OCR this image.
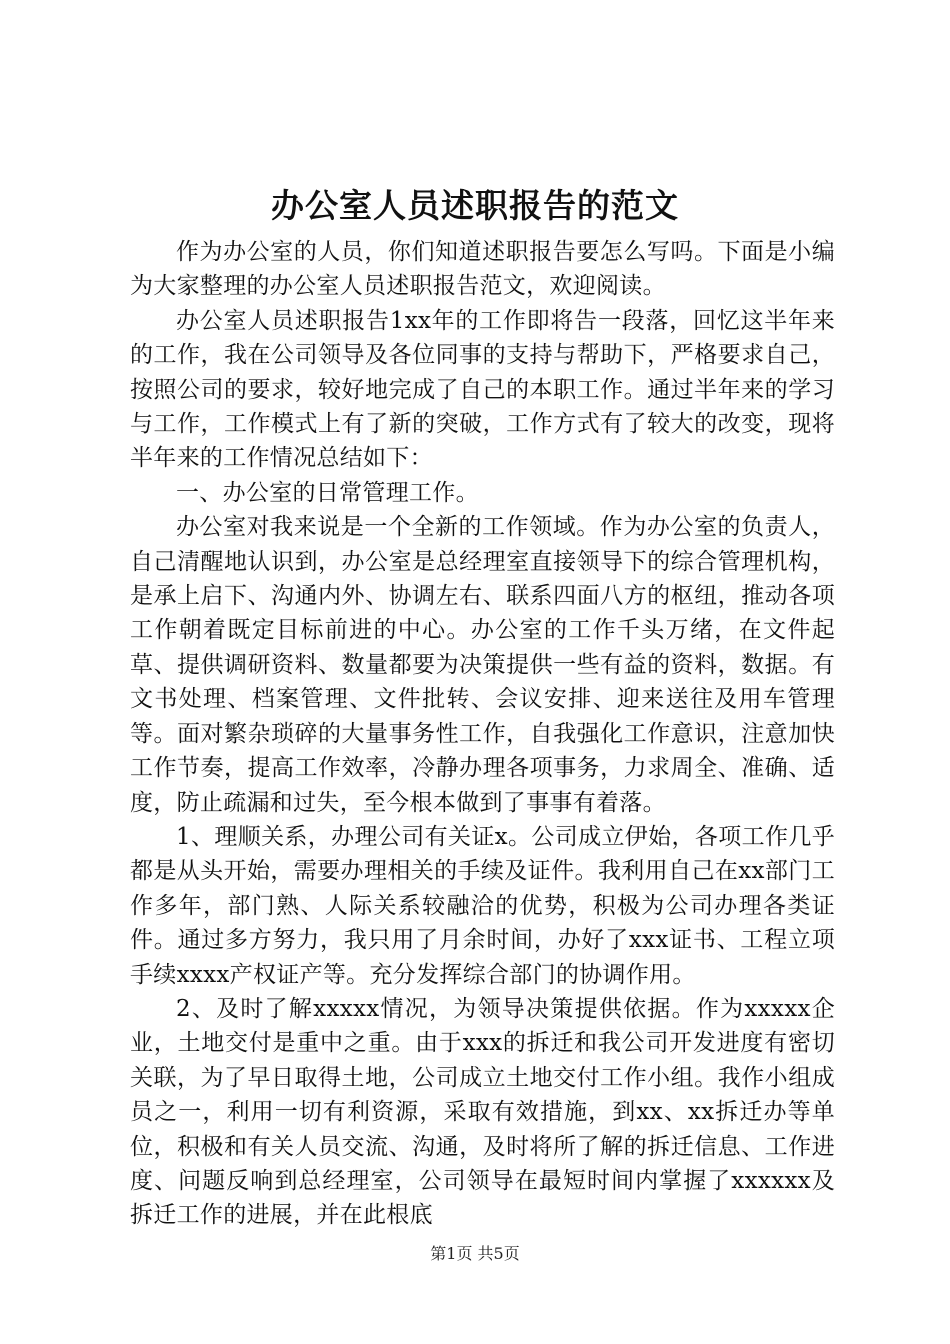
办公室人员述职报告的范文

作为办公室的人员，你们知道述职报告要怎么写吗。下面是小编为大家整理的办公室人员述职报告范文，欢迎阅读。

办公室人员述职报告1xx年的工作即将告一段落，回忆这半年来的工作，我在公司领导及各位同事的支持与帮助下，严格要求自己，按照公司的要求，较好地完成了自己的本职工作。通过半年来的学习与工作，工作模式上有了新的突破，工作方式有了较大的改变，现将半年来的工作情况总结如下：

一、办公室的日常管理工作。

办公室对我来说是一个全新的工作领域。作为办公室的负责人，自己清醒地认识到，办公室是总经理室直接领导下的综合管理机构，是承上启下、沟通内外、协调左右、联系四面八方的枢纽，推动各项工作朝着既定目标前进的中心。办公室的工作千头万绪，在文件起草、提供调研资料、数量都要为决策提供一些有益的资料，数据。有文书处理、档案管理、文件批转、会议安排、迎来送往及用车管理等。面对繁杂琐碎的大量事务性工作，自我强化工作意识，注意加快工作节奏，提高工作效率，冷静办理各项事务，力求周全、准确、适度，防止疏漏和过失，至今根本做到了事事有着落。

1、理顺关系，办理公司有关证x。公司成立伊始，各项工作几乎都是从头开始，需要办理相关的手续及证件。我利用自己在xx部门工作多年，部门熟、人际关系较融洽的优势，积极为公司办理各类证件。通过多方努力，我只用了月余时间，办好了xxx证书、工程立项手续xxxx产权证产等。充分发挥综合部门的协调作用。

2、及时了解xxxxx情况，为领导决策提供依据。作为xxxxx企业，土地交付是重中之重。由于xxx的拆迁和我公司开发进度有密切关联，为了早日取得土地，公司成立土地交付工作小组。我作小组成员之一，利用一切有利资源，采取有效措施，到xx、xx拆迁办等单位，积极和有关人员交流、沟通，及时将所了解的拆迁信息、工作进度、问题反响到总经理室，公司领导在最短时间内掌握了xxxxxx及拆迁工作的进展，并在此根底

第1页 共5页
